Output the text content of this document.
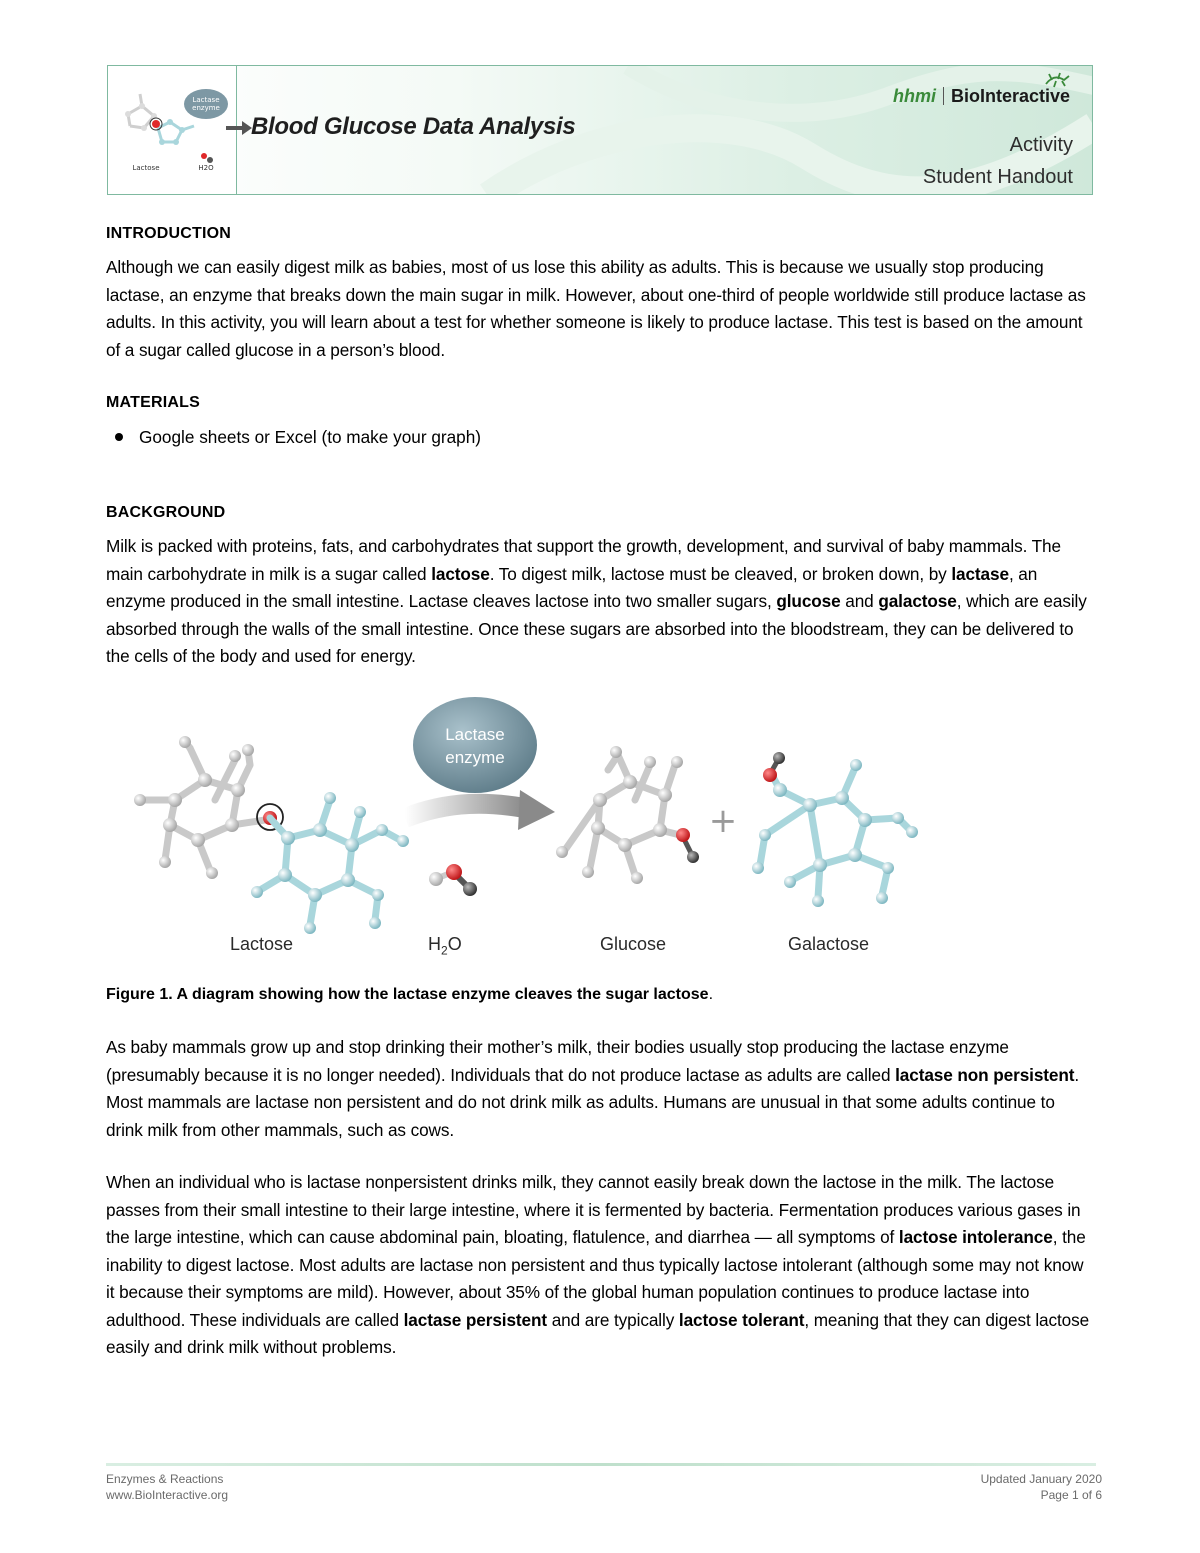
Lactase
enzyme
Lactose	H2O
Blood Glucose Data Analysis
hhmi BioInteractive
Activity
Student Handout
INTRODUCTION
Although we can easily digest milk as babies, most of us lose this ability as adults. This is because we usually stop producing lactase, an enzyme that breaks down the main sugar in milk. However, about one-third of people worldwide still produce lactase as adults. In this activity, you will learn about a test for whether someone is likely to produce lactase. This test is based on the amount of a sugar called glucose in a person’s blood.
MATERIALS
Google sheets or Excel (to make your graph)
BACKGROUND
Milk is packed with proteins, fats, and carbohydrates that support the growth, development, and survival of baby mammals. The main carbohydrate in milk is a sugar called lactose. To digest milk, lactose must be cleaved, or broken down, by lactase, an enzyme produced in the small intestine. Lactase cleaves lactose into two smaller sugars, glucose and galactose, which are easily absorbed through the walls of the small intestine. Once these sugars are absorbed into the bloodstream, they can be delivered to the cells of the body and used for energy.
Lactase
enzyme
+
Lactose	$H_2O$	Glucose	Galactose
Figure 1. A diagram showing how the lactase enzyme cleaves the sugar lactose.
As baby mammals grow up and stop drinking their mother’s milk, their bodies usually stop producing the lactase enzyme (presumably because it is no longer needed). Individuals that do not produce lactase as adults are called lactase non persistent. Most mammals are lactase non persistent and do not drink milk as adults. Humans are unusual in that some adults continue to drink milk from other mammals, such as cows.
When an individual who is lactase nonpersistent drinks milk, they cannot easily break down the lactose in the milk. The lactose passes from their small intestine to their large intestine, where it is fermented by bacteria. Fermentation produces various gases in the large intestine, which can cause abdominal pain, bloating, flatulence, and diarrhea — all symptoms of lactose intolerance, the inability to digest lactose. Most adults are lactase non persistent and thus typically lactose intolerant (although some may not know it because their symptoms are mild). However, about 35% of the global human population continues to produce lactase into adulthood. These individuals are called lactase persistent and are typically lactose tolerant, meaning that they can digest lactose easily and drink milk without problems.
Enzymes & Reactions
www.BioInteractive.org
Updated January 2020
Page 1 of 6
